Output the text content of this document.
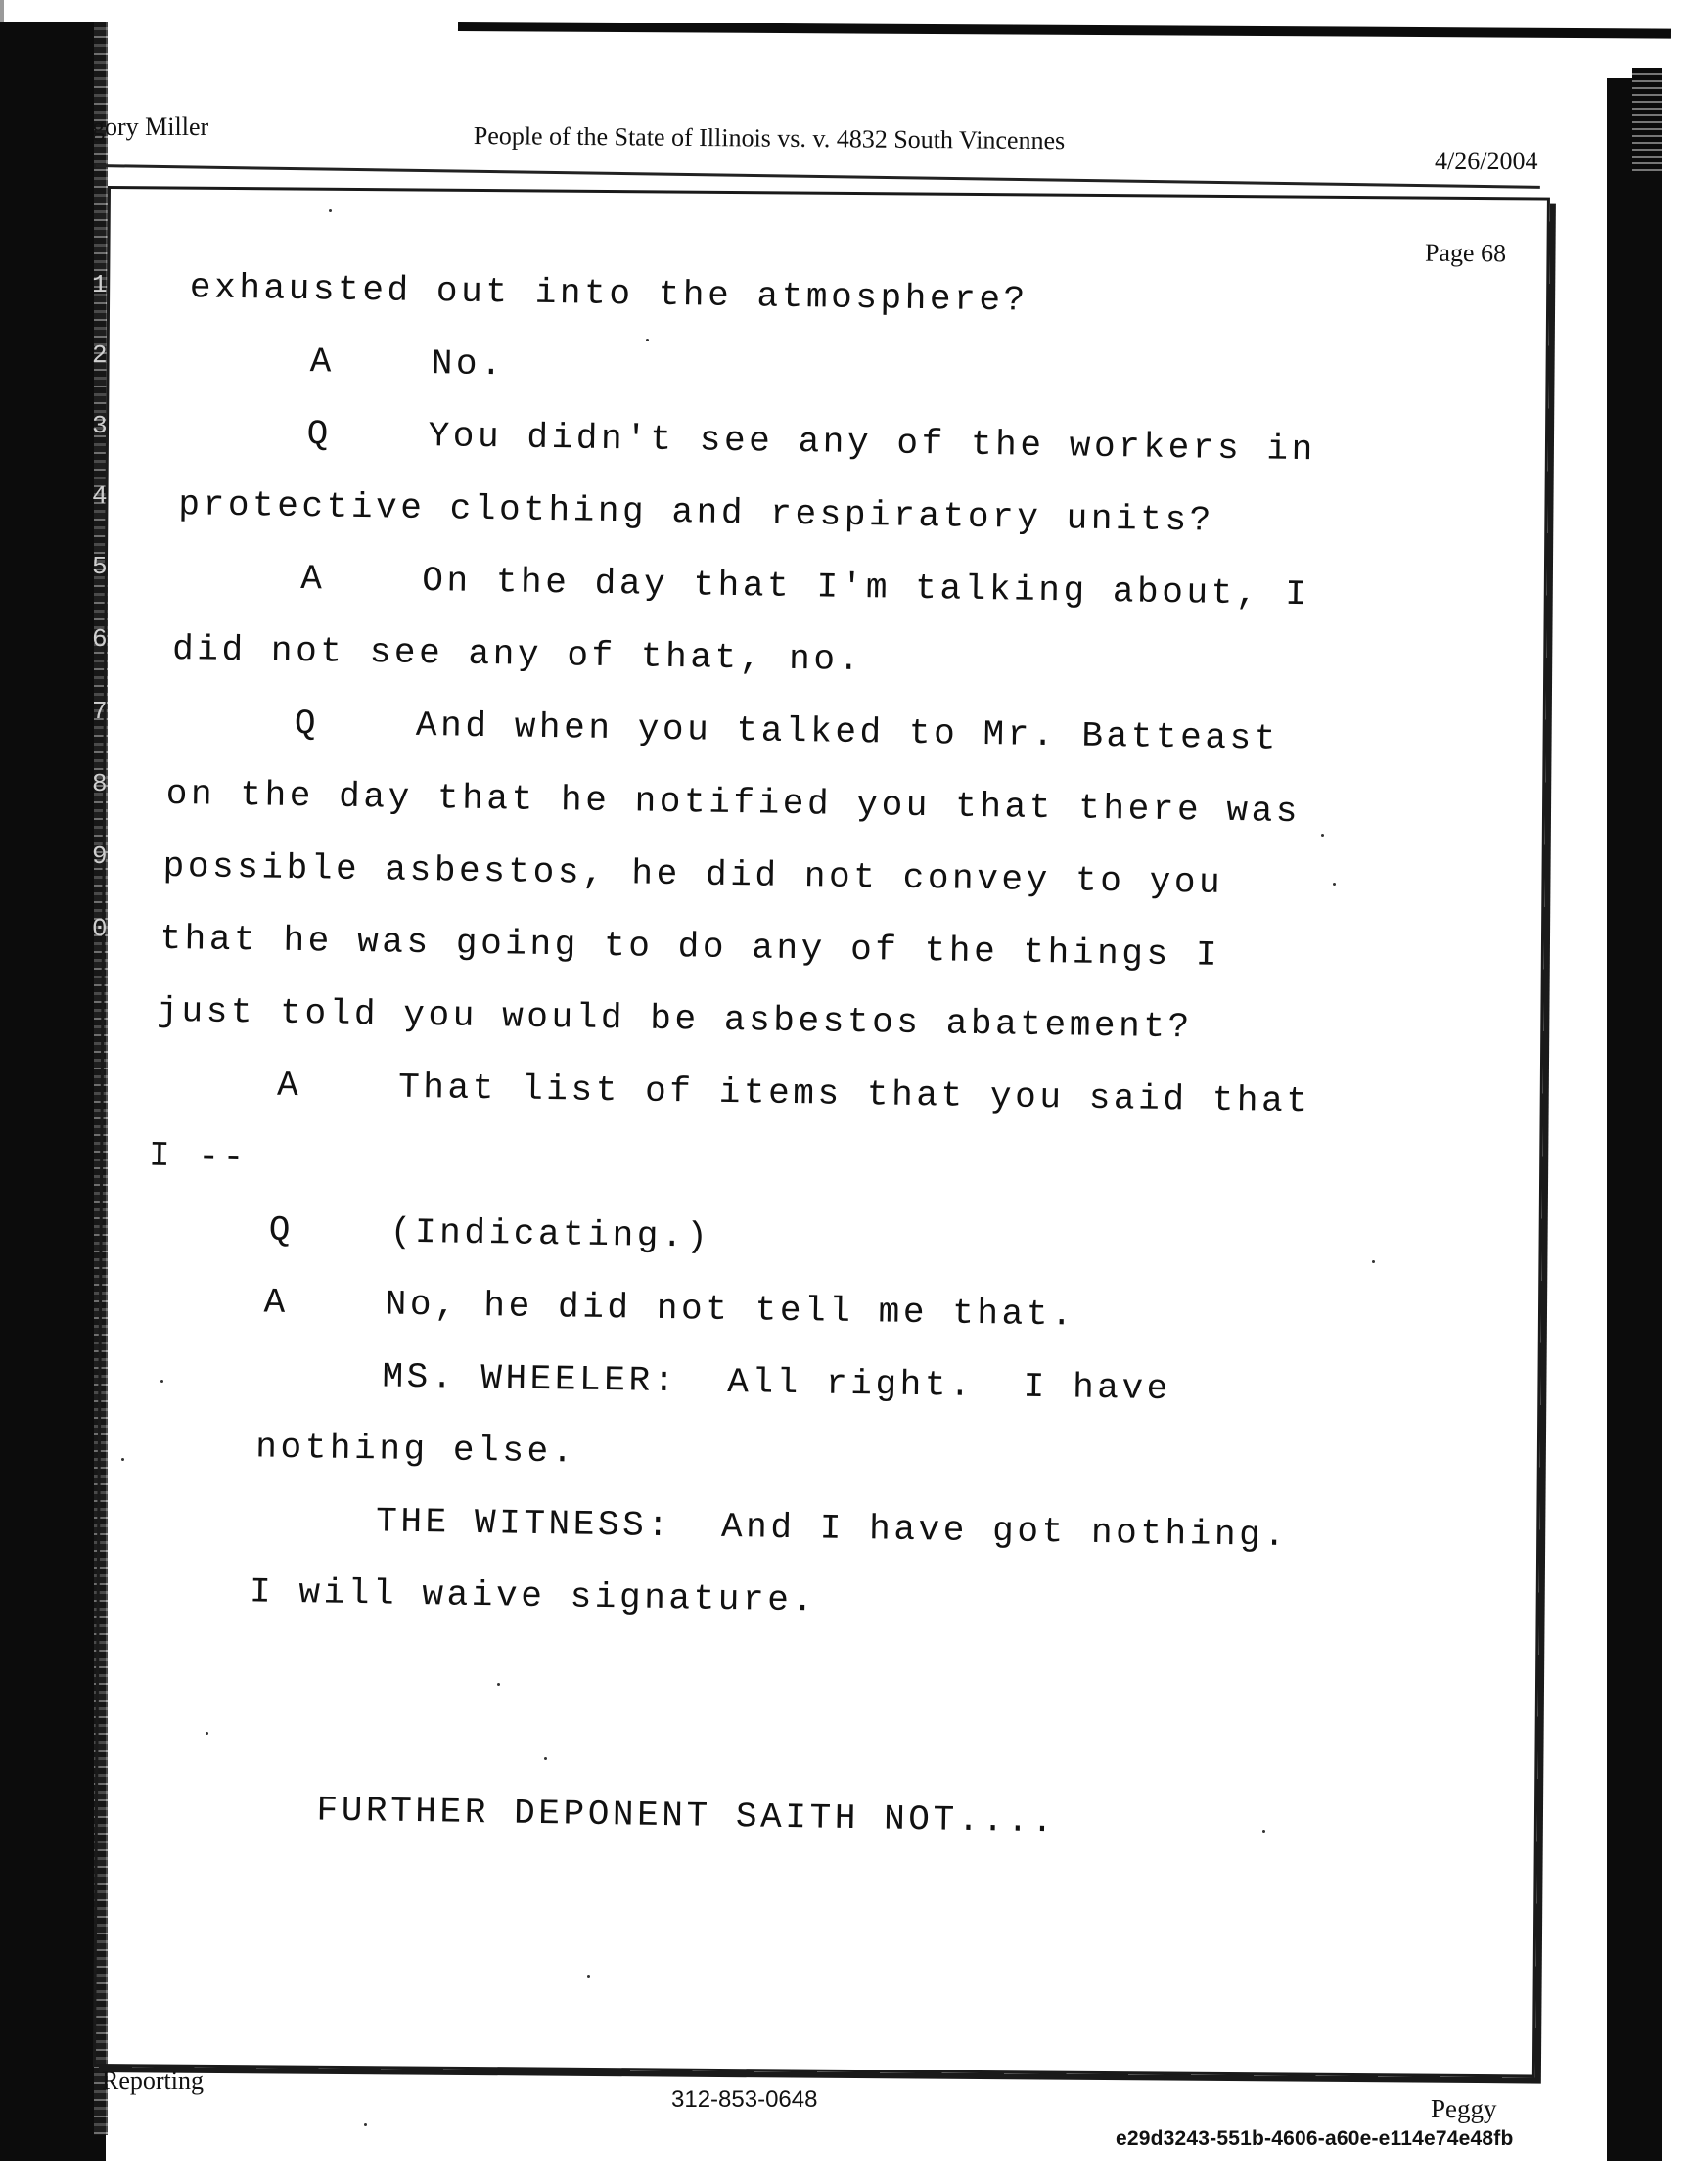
gory Miller	People of the State of Illinois vs. v. 4832 South Vincennes
4/26/2004
Page 68
1
2
3
4
5
6
7
8
9
0
exhausted out into the atmosphere?
A	No.
Q	You didn't see any of the workers in
protective clothing and respiratory units?
A	On the day that I'm talking about, I
did not see any of that, no.
Q	And when you talked to Mr. Batteast
on the day that he notified you that there was
possible asbestos, he did not convey to you
that he was going to do any of the things I
just told you would be asbestos abatement?
A	That list of items that you said that
I --
Q	(Indicating.)
A	No, he did not tell me that.
MS. WHEELER:  All right.  I have
nothing else.
THE WITNESS:  And I have got nothing.
I will waive signature.
FURTHER DEPONENT SAITH NOT....
Reporting
312-853-0648	Peggy
e29d3243-551b-4606-a60e-e114e74e48fb
